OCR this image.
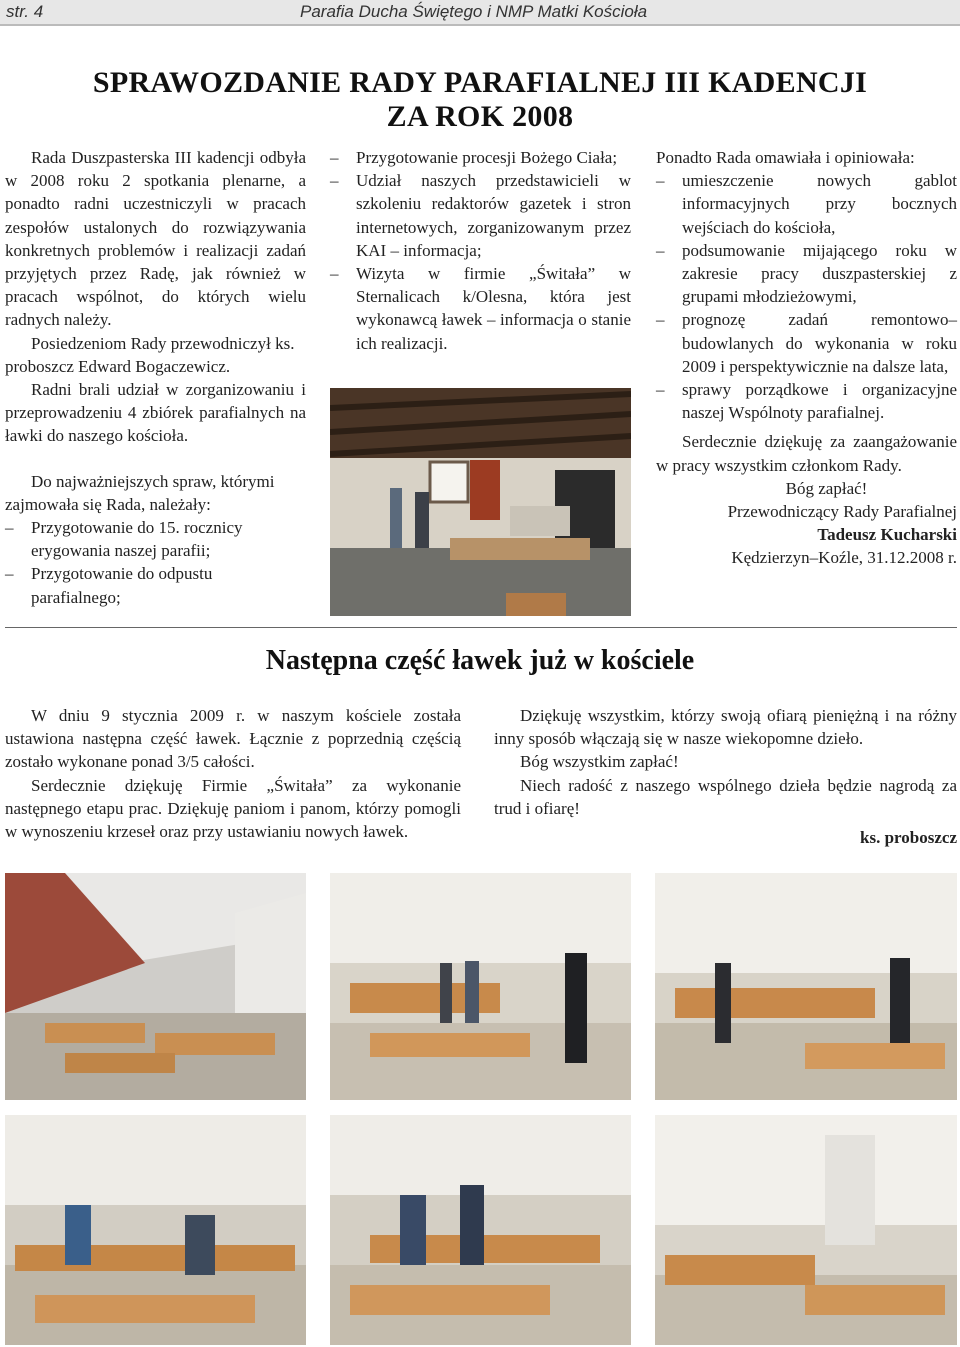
str. 4	Parafia Ducha Świętego i NMP Matki Kościoła
SPRAWOZDANIE RADY PARAFIALNEJ III KADENCJI
ZA ROK 2008

Rada Duszpasterska III kadencji odbyła w 2008 roku 2 spotkania plenarne, a ponadto radni uczestniczyli w pracach zespołów ustalonych do rozwiązywania konkretnych problemów i realizacji zadań przyjętych przez Radę, jak również w pracach wspólnot, do których wielu radnych należy.

Posiedzeniom Rady przewodniczył ks. proboszcz Edward Bogaczewicz.

Radni brali udział w zorganizowaniu i przeprowadzeniu 4 zbiórek parafialnych na ławki do naszego kościoła.

Do najważniejszych spraw, którymi zajmowała się Rada, należały:

– Przygotowanie do 15. rocznicy erygowania naszej parafii;

– Przygotowanie do odpustu parafialnego;

– Przygotowanie procesji Bożego Ciała;

– Udział naszych przedstawicieli w szkoleniu redaktorów gazetek i stron internetowych, zorganizowanym przez KAI – informacja;

– Wizyta w firmie „Świtała” w Sternalicach k/Olesna, która jest wykonawcą ławek – informacja o stanie ich realizacji.

Ponadto Rada omawiała i opiniowała:

– umieszczenie nowych gablot informacyjnych przy bocznych wejściach do kościoła,

– podsumowanie mijającego roku w zakresie pracy duszpasterskiej z grupami młodzieżowymi,

– prognozę zadań remontowo–budowlanych do wykonania w roku 2009 i perspektywicznie na dalsze lata,

– sprawy porządkowe i organizacyjne naszej Wspólnoty parafialnej.

Serdecznie dziękuję za zaangażowanie w pracy wszystkim członkom Rady.

Bóg zapłać!

Przewodniczący Rady Parafialnej

Tadeusz Kucharski

Kędzierzyn–Koźle, 31.12.2008 r.

Następna część ławek już w kościele

W dniu 9 stycznia 2009 r. w naszym kościele została ustawiona następna część ławek. Łącznie z poprzednią częścią zostało wykonane ponad 3/5 całości.

Serdecznie dziękuję Firmie „Świtała” za wykonanie następnego etapu prac. Dziękuję paniom i panom, którzy pomogli w wynoszeniu krzeseł oraz przy ustawianiu nowych ławek.

Dziękuję wszystkim, którzy swoją ofiarą pieniężną i na różny inny sposób włączają się w nasze wiekopomne dzieło.

Bóg wszystkim zapłać!

Niech radość z naszego wspólnego dzieła będzie nagrodą za trud i ofiarę!

ks. proboszcz
